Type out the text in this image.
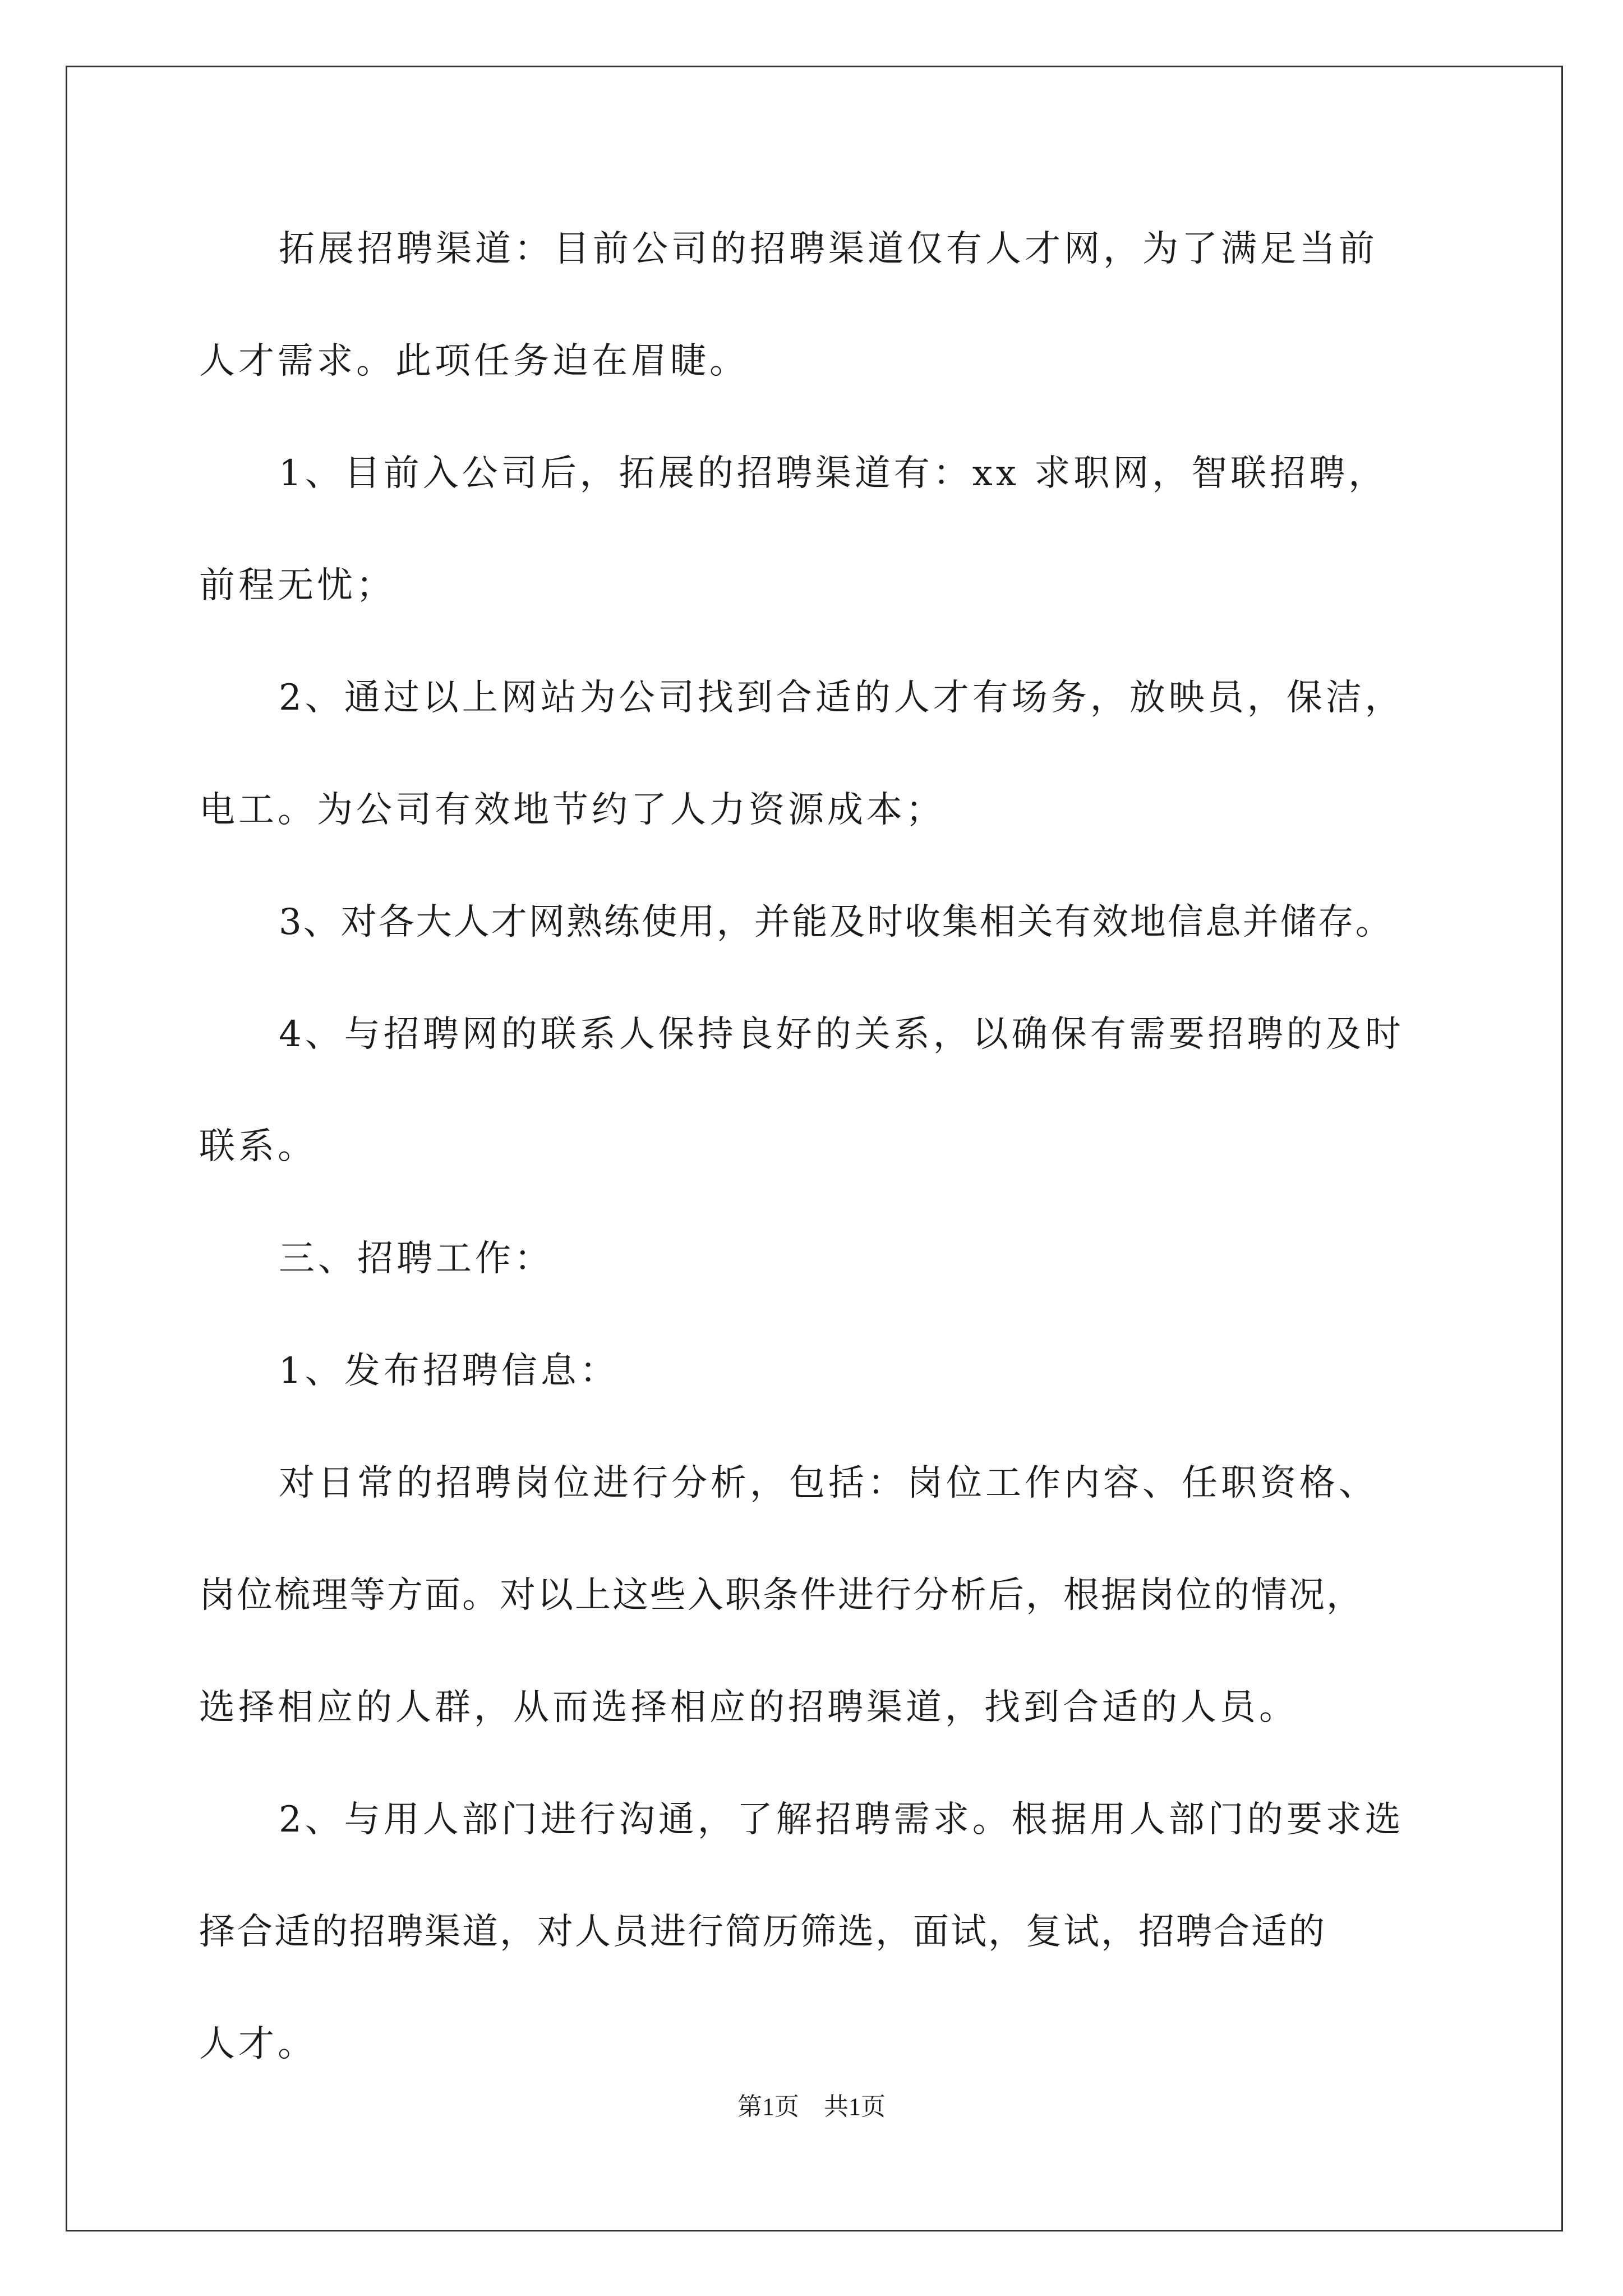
拓展招聘渠道：目前公司的招聘渠道仅有人才网，为了满足当前
人才需求。此项任务迫在眉睫。
1、目前入公司后，拓展的招聘渠道有：xx 求职网，智联招聘，
前程无忧；
2、通过以上网站为公司找到合适的人才有场务，放映员，保洁，
电工。为公司有效地节约了人力资源成本；
3、对各大人才网熟练使用，并能及时收集相关有效地信息并储存。
4、与招聘网的联系人保持良好的关系，以确保有需要招聘的及时
联系。
三、招聘工作：
1、发布招聘信息：
对日常的招聘岗位进行分析，包括：岗位工作内容、任职资格、
岗位梳理等方面。对以上这些入职条件进行分析后，根据岗位的情况，
选择相应的人群，从而选择相应的招聘渠道，找到合适的人员。
2、与用人部门进行沟通，了解招聘需求。根据用人部门的要求选
择合适的招聘渠道，对人员进行简历筛选，面试，复试，招聘合适的
人才。
第1页 共1页
